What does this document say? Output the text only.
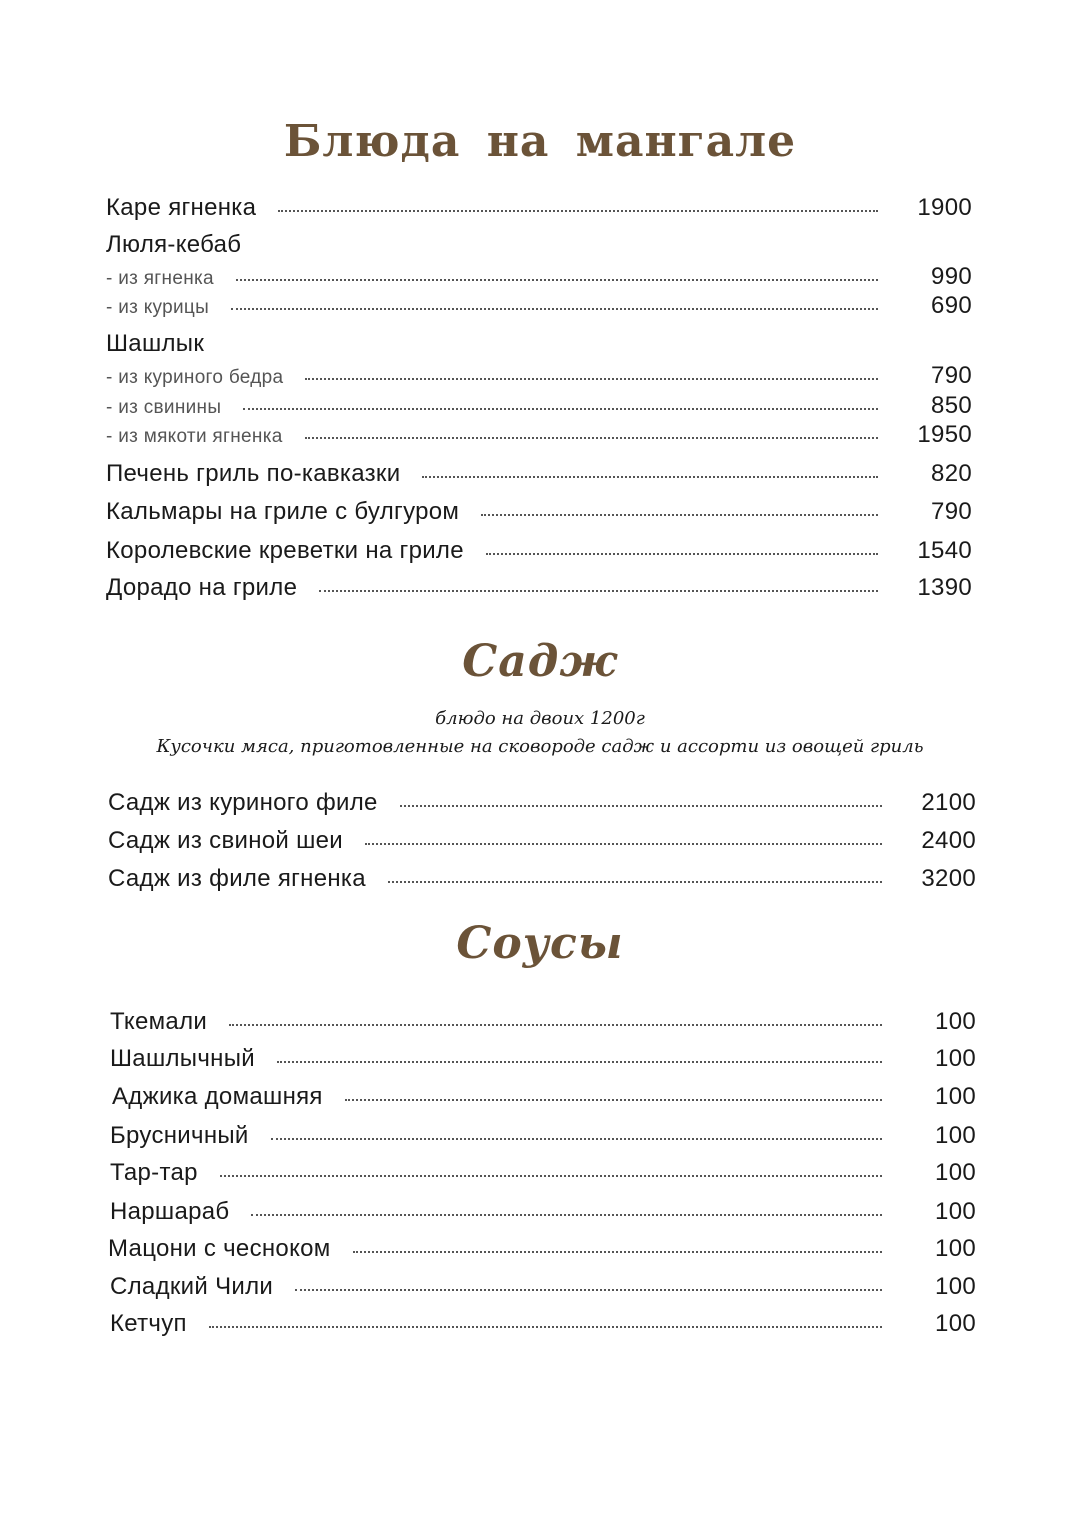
Блюда на мангале
Каре ягненка	1900
Люля-кебаб
- из ягненка	990
- из курицы	690
Шашлык
- из куриного бедра	790
- из свинины	850
- из мякоти ягненка	1950
Печень гриль по-кавказки	820
Кальмары на гриле с булгуром	790
Королевские креветки на гриле	1540
Дорадо на гриле	1390
Садж
блюдо на двоих 1200г
Кусочки мяса, приготовленные на сковороде садж и ассорти из овощей гриль
Садж из куриного филе	2100
Садж из свиной шеи	2400
Садж из филе ягненка	3200
Соусы
Ткемали	100
Шашлычный	100
Аджика домашняя	100
Брусничный	100
Тар-тар	100
Наршараб	100
Мацони с чесноком	100
Сладкий Чили	100
Кетчуп	100
